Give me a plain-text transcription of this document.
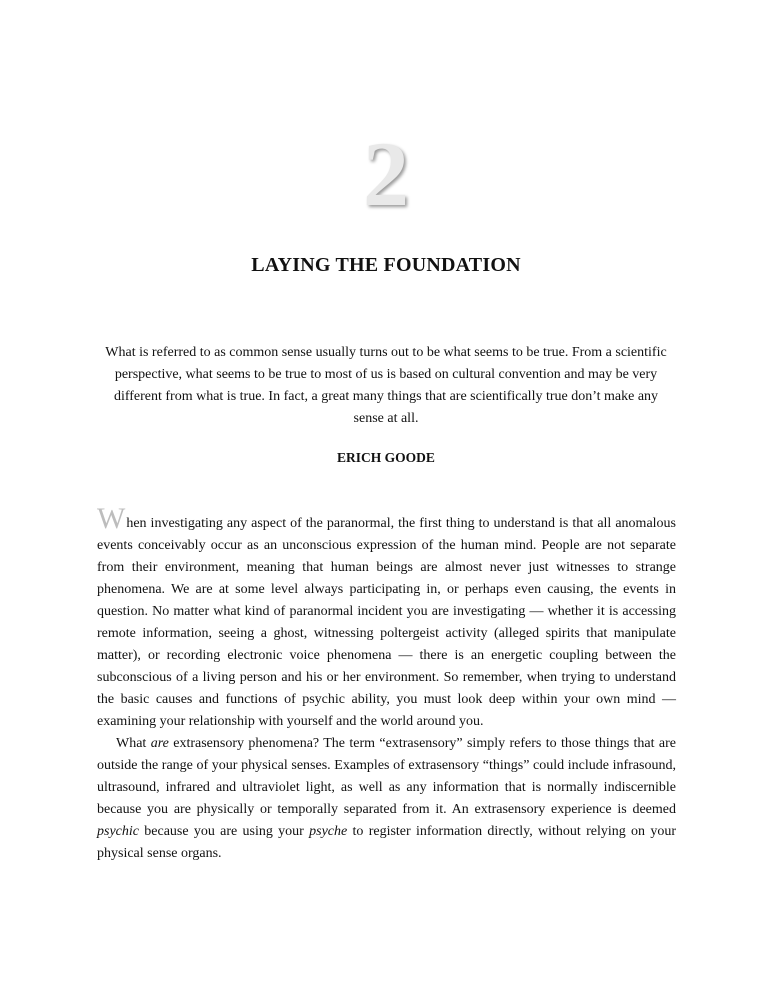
2
LAYING THE FOUNDATION

What is referred to as common sense usually turns out to be what seems to be true. From a scientific perspective, what seems to be true to most of us is based on cultural convention and may be very different from what is true. In fact, a great many things that are scientifically true don’t make any sense at all.

ERICH GOODE

When investigating any aspect of the paranormal, the first thing to understand is that all anomalous events conceivably occur as an unconscious expression of the human mind. People are not separate from their environment, meaning that human beings are almost never just witnesses to strange phenomena. We are at some level always participating in, or perhaps even causing, the events in question. No matter what kind of paranormal incident you are investigating — whether it is accessing remote information, seeing a ghost, witnessing poltergeist activity (alleged spirits that manipulate matter), or recording electronic voice phenomena — there is an energetic coupling between the subconscious of a living person and his or her environment. So remember, when trying to understand the basic causes and functions of psychic ability, you must look deep within your own mind — examining your relationship with yourself and the world around you.

What are extrasensory phenomena? The term “extrasensory” simply refers to those things that are outside the range of your physical senses. Examples of extrasensory “things” could include infrasound, ultrasound, infrared and ultraviolet light, as well as any information that is normally indiscernible because you are physically or temporally separated from it. An extrasensory experience is deemed psychic because you are using your psyche to register information directly, without relying on your physical sense organs.
